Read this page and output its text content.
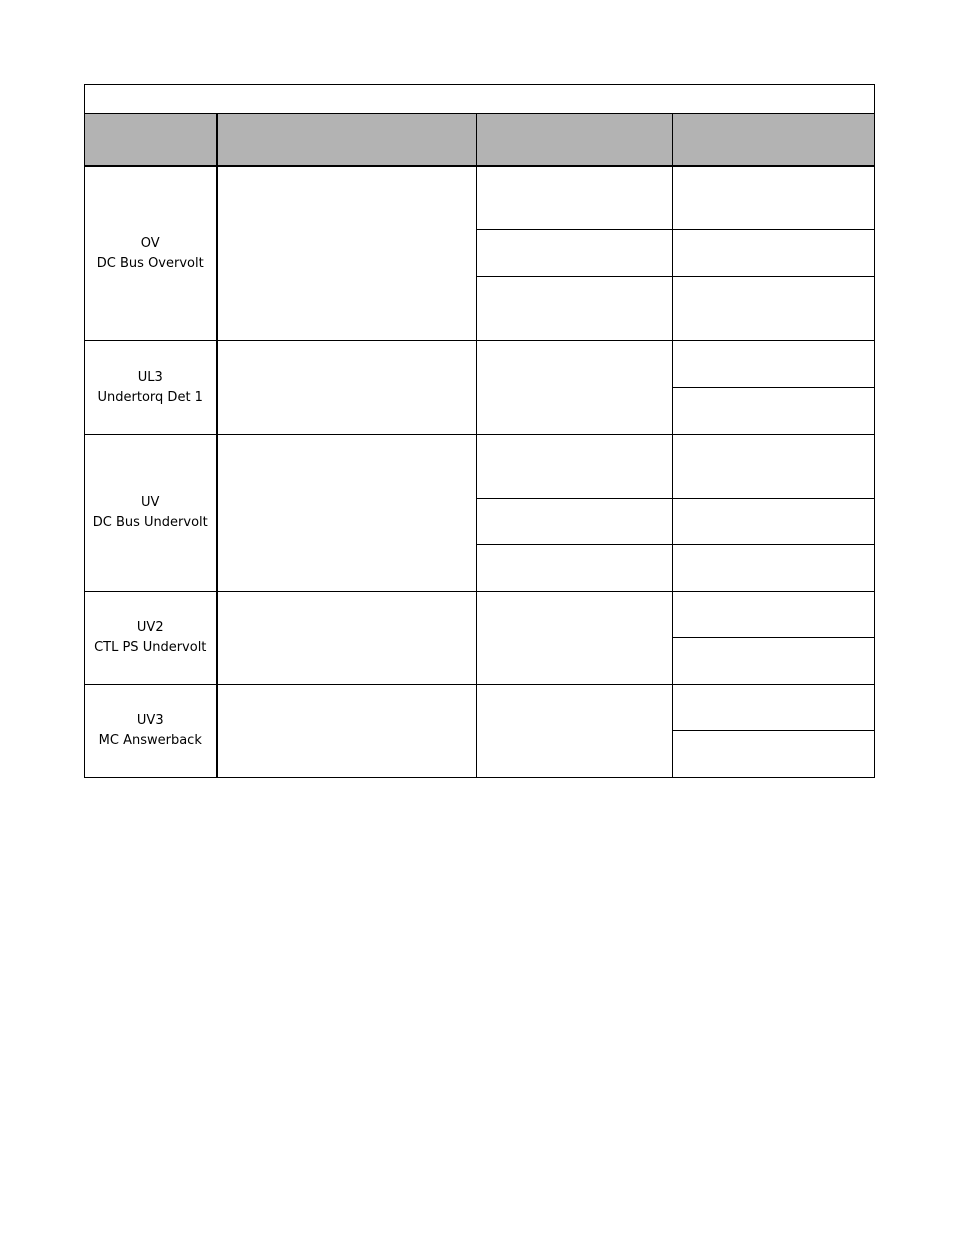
OV
DC Bus Overvolt			

UL3
Undertorq Det 1			

UV
DC Bus Undervolt			

UV2
CTL PS Undervolt			

UV3
MC Answerback			
